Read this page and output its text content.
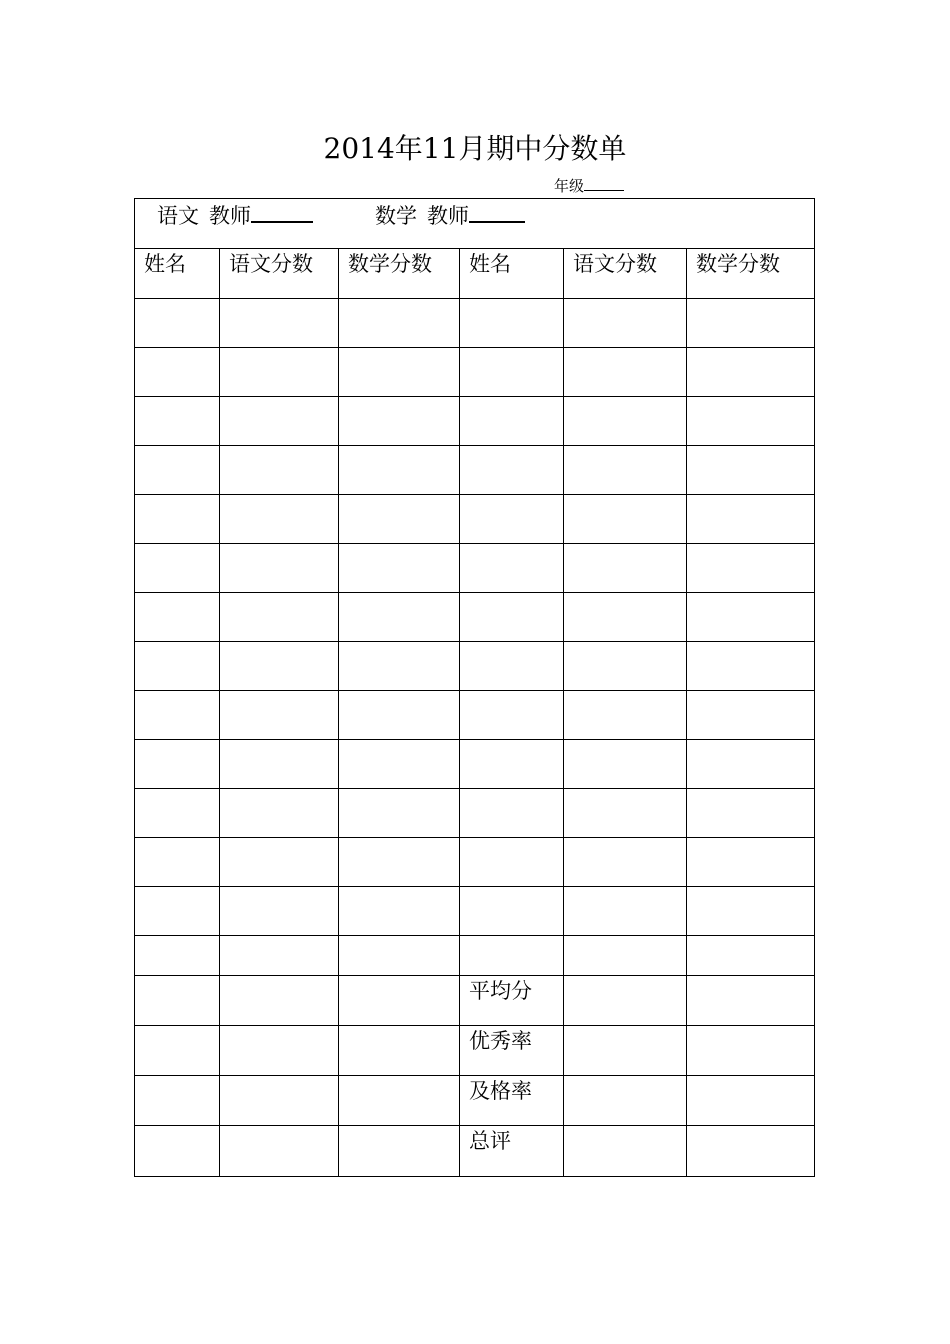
2014年11月期中分数单
年级
语文 教师 数学 教师					
姓名	语文分数	数学分数	姓名	语文分数	数学分数

			平均分		
			优秀率		
			及格率		
			总评		
